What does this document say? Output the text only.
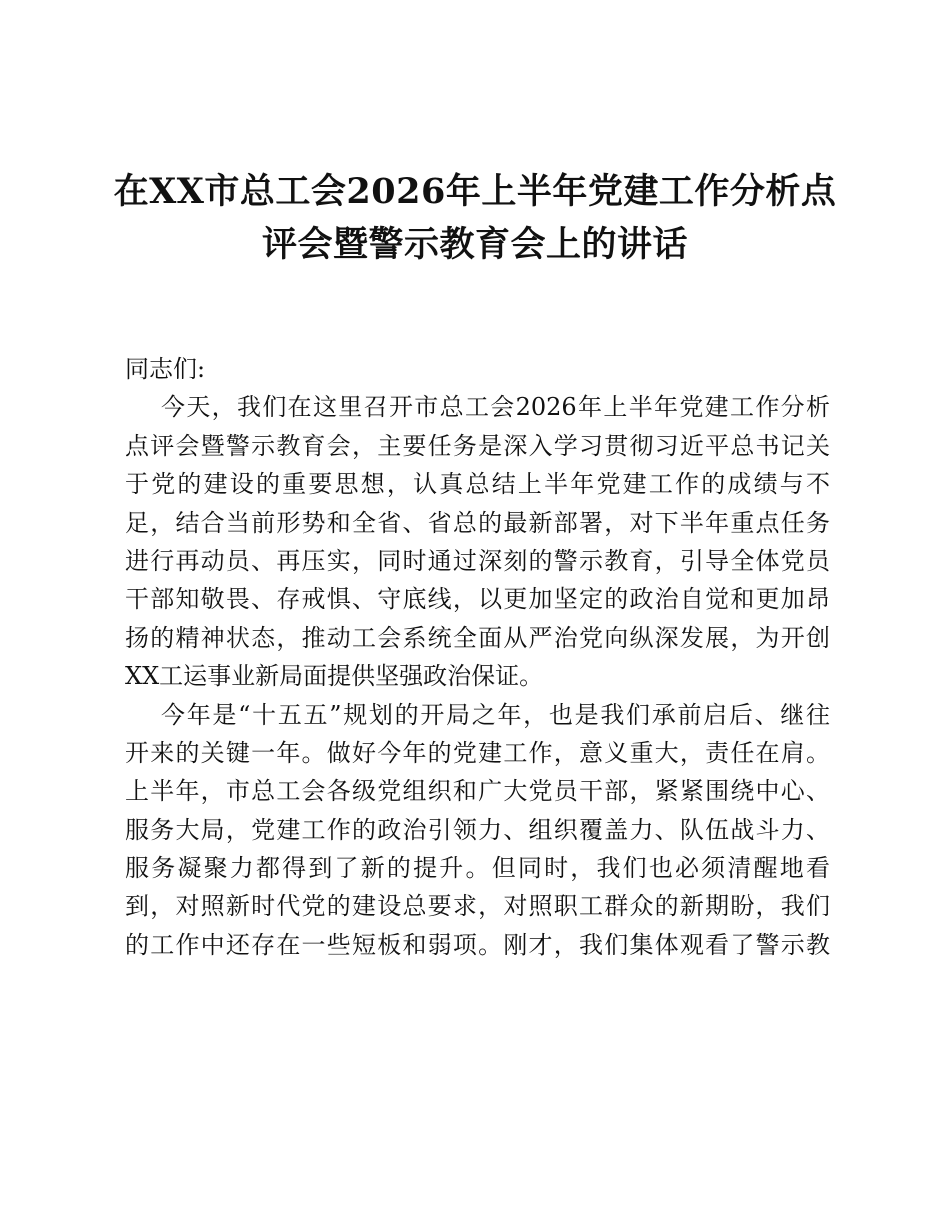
在XX市总工会2026年上半年党建工作分析点
评会暨警示教育会上的讲话
同志们:
今天，我们在这里召开市总工会2026年上半年党建工作分析
点评会暨警示教育会，主要任务是深入学习贯彻习近平总书记关
于党的建设的重要思想，认真总结上半年党建工作的成绩与不
足，结合当前形势和全省、省总的最新部署，对下半年重点任务
进行再动员、再压实，同时通过深刻的警示教育，引导全体党员
干部知敬畏、存戒惧、守底线，以更加坚定的政治自觉和更加昂
扬的精神状态，推动工会系统全面从严治党向纵深发展，为开创
XX工运事业新局面提供坚强政治保证。
今年是“十五五”规划的开局之年，也是我们承前启后、继往
开来的关键一年。做好今年的党建工作，意义重大，责任在肩。
上半年，市总工会各级党组织和广大党员干部，紧紧围绕中心、
服务大局，党建工作的政治引领力、组织覆盖力、队伍战斗力、
服务凝聚力都得到了新的提升。但同时，我们也必须清醒地看
到，对照新时代党的建设总要求，对照职工群众的新期盼，我们
的工作中还存在一些短板和弱项。刚才，我们集体观看了警示教
